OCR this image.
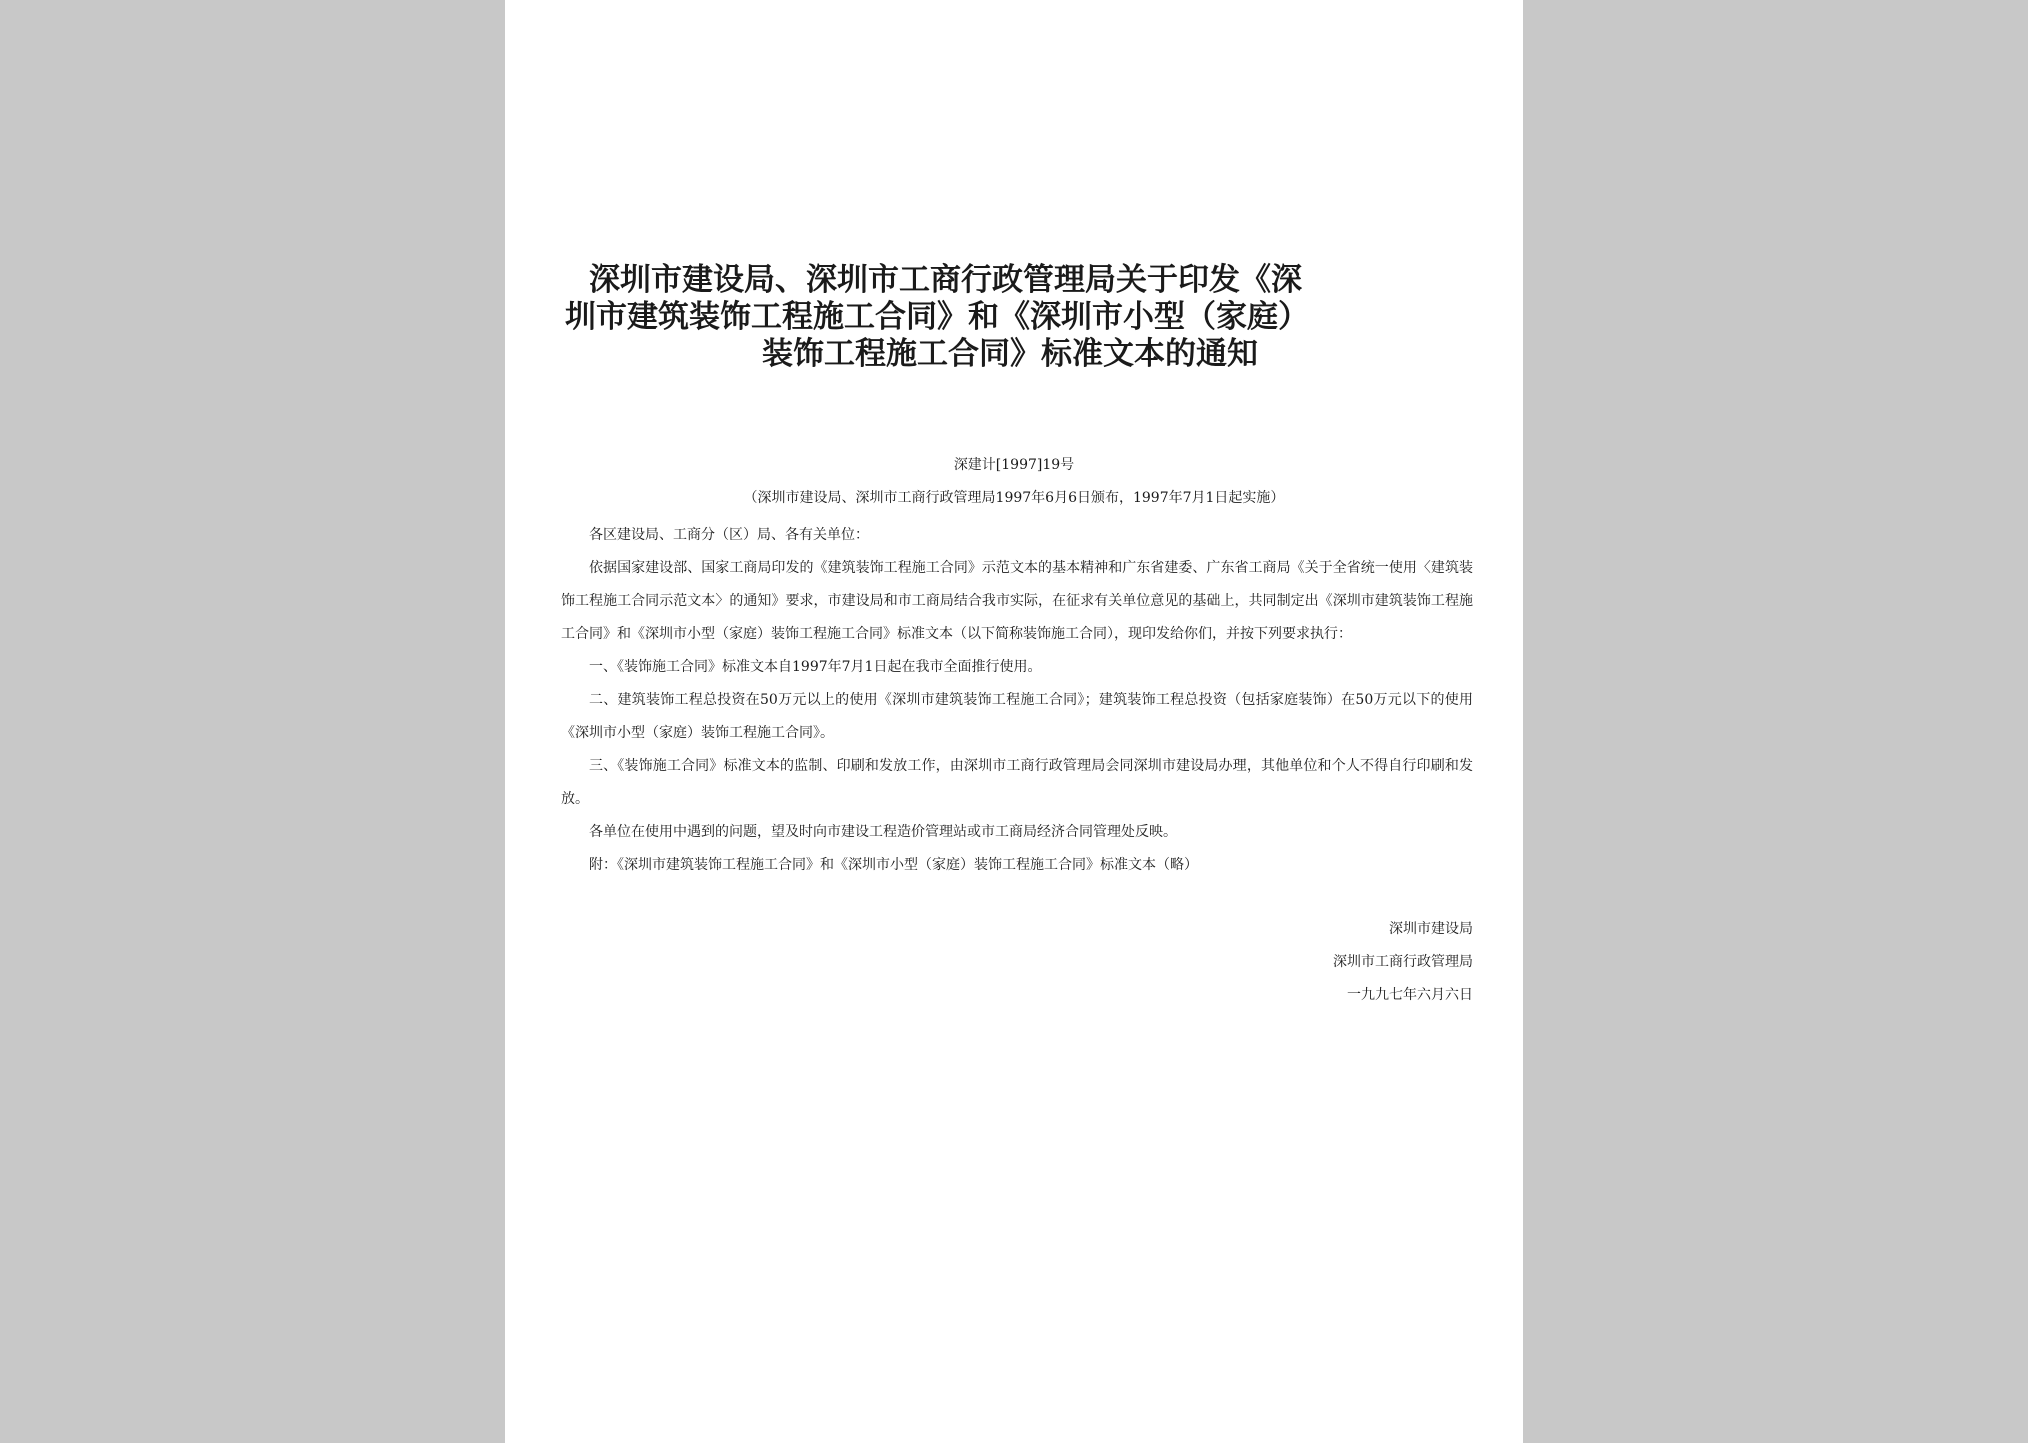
深圳市建设局、深圳市工商行政管理局关于印发《深
圳市建筑装饰工程施工合同》和《深圳市小型（家庭）
装饰工程施工合同》标准文本的通知
深建计[1997]19号
（深圳市建设局、深圳市工商行政管理局1997年6月6日颁布，1997年7月1日起实施）

各区建设局、工商分（区）局、各有关单位：

依据国家建设部、国家工商局印发的《建筑装饰工程施工合同》示范文本的基本精神和广东省建委、广东省工商局《关于全省统一使用〈建筑装饰工程施工合同示范文本〉的通知》要求，市建设局和市工商局结合我市实际，在征求有关单位意见的基础上，共同制定出《深圳市建筑装饰工程施工合同》和《深圳市小型（家庭）装饰工程施工合同》标准文本（以下简称装饰施工合同），现印发给你们，并按下列要求执行：

一、《装饰施工合同》标准文本自1997年7月1日起在我市全面推行使用。

二、建筑装饰工程总投资在50万元以上的使用《深圳市建筑装饰工程施工合同》；建筑装饰工程总投资（包括家庭装饰）在50万元以下的使用《深圳市小型（家庭）装饰工程施工合同》。

三、《装饰施工合同》标准文本的监制、印刷和发放工作，由深圳市工商行政管理局会同深圳市建设局办理，其他单位和个人不得自行印刷和发放。

各单位在使用中遇到的问题，望及时向市建设工程造价管理站或市工商局经济合同管理处反映。

附：《深圳市建筑装饰工程施工合同》和《深圳市小型（家庭）装饰工程施工合同》标准文本（略）

深圳市建设局
深圳市工商行政管理局
一九九七年六月六日
